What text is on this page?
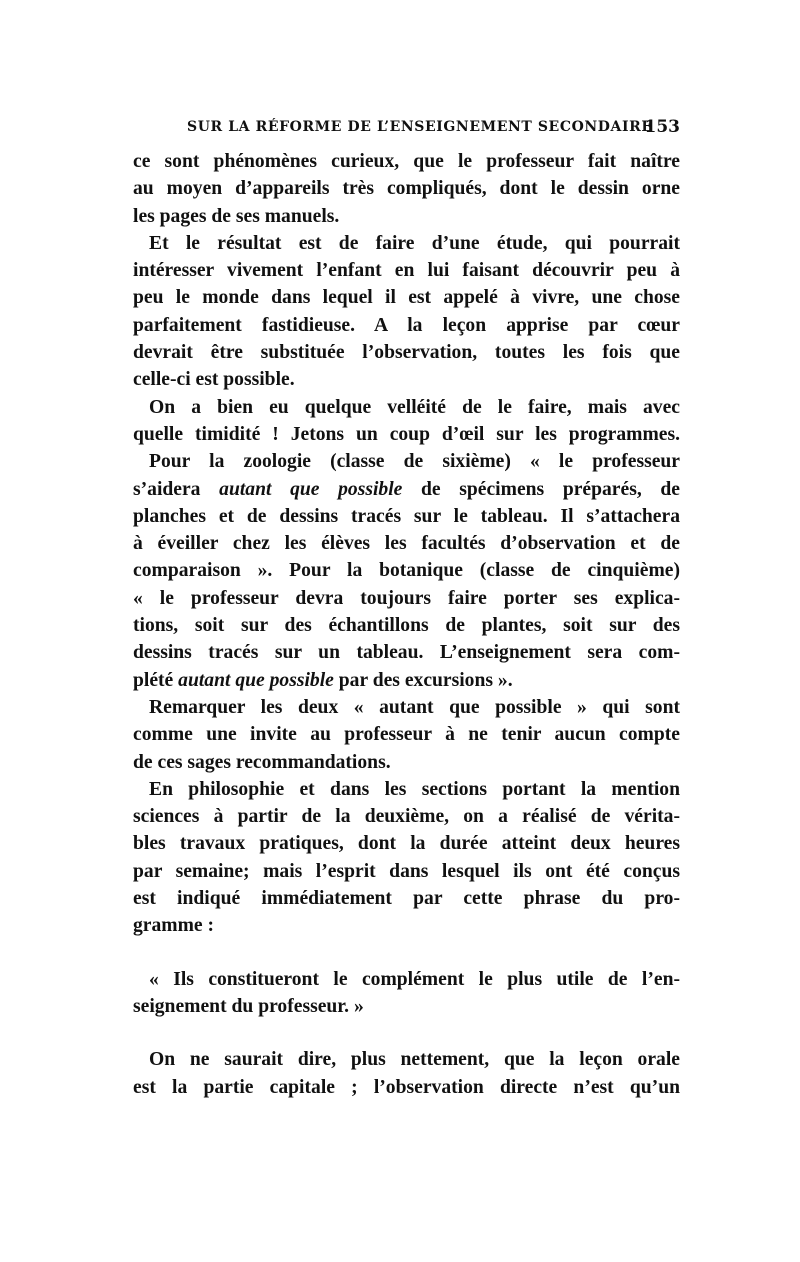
SUR LA RÉFORME DE L’ENSEIGNEMENT SECONDAIRE
153
ce sont phénomènes curieux, que le professeur fait naître
au moyen d’appareils très compliqués, dont le dessin orne
les pages de ses manuels.
Et le résultat est de faire d’une étude, qui pourrait
intéresser vivement l’enfant en lui faisant découvrir peu à
peu le monde dans lequel il est appelé à vivre, une chose
parfaitement fastidieuse. A la leçon apprise par cœur
devrait être substituée l’observation, toutes les fois que
celle-ci est possible.
On a bien eu quelque velléité de le faire, mais avec
quelle timidité ! Jetons un coup d’œil sur les programmes.
Pour la zoologie (classe de sixième) « le professeur
s’aidera autant que possible de spécimens préparés, de
planches et de dessins tracés sur le tableau. Il s’attachera
à éveiller chez les élèves les facultés d’observation et de
comparaison ». Pour la botanique (classe de cinquième)
« le professeur devra toujours faire porter ses explica-
tions, soit sur des échantillons de plantes, soit sur des
dessins tracés sur un tableau. L’enseignement sera com-
plété autant que possible par des excursions ».
Remarquer les deux « autant que possible » qui sont
comme une invite au professeur à ne tenir aucun compte
de ces sages recommandations.
En philosophie et dans les sections portant la mention
sciences à partir de la deuxième, on a réalisé de vérita-
bles travaux pratiques, dont la durée atteint deux heures
par semaine; mais l’esprit dans lesquel ils ont été conçus
est indiqué immédiatement par cette phrase du pro-
gramme :
« Ils constitueront le complément le plus utile de l’en-
seignement du professeur. »
On ne saurait dire, plus nettement, que la leçon orale
est la partie capitale ; l’observation directe n’est qu’un
